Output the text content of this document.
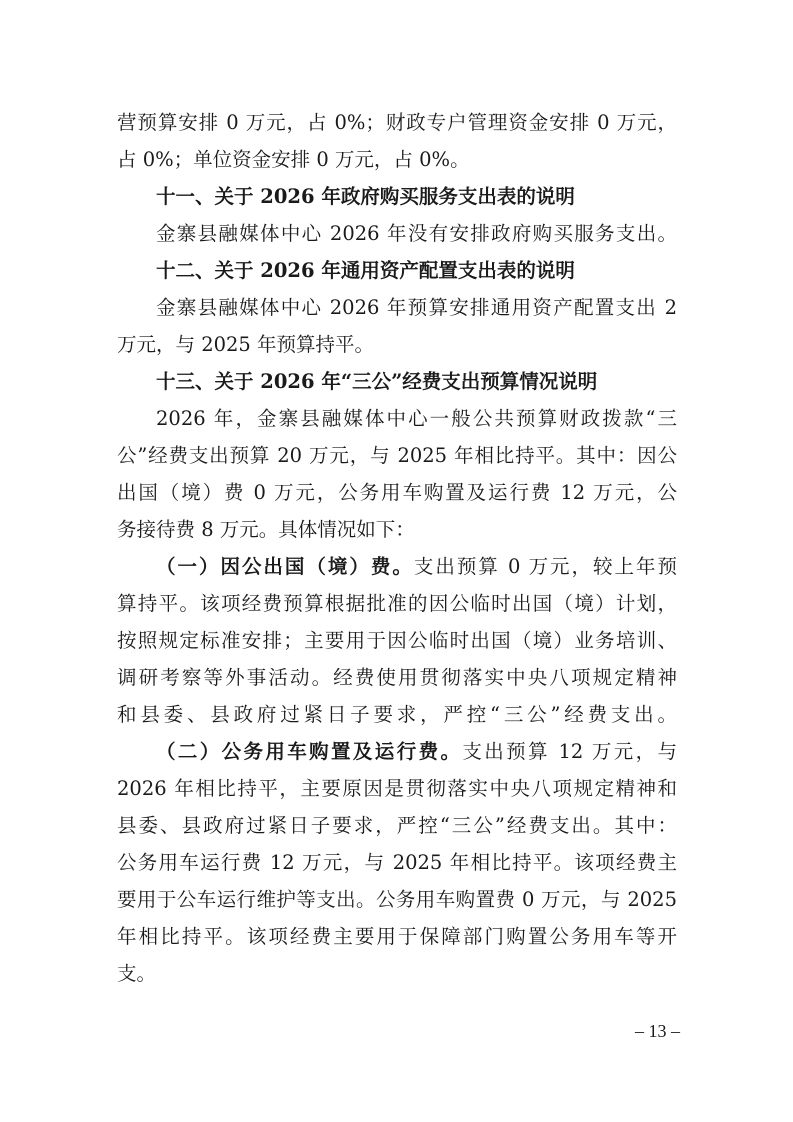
营预算安排 0 万元，占 0%；财政专户管理资金安排 0 万元，
占 0%；单位资金安排 0 万元，占 0%。
十一、关于 2026 年政府购买服务支出表的说明
金寨县融媒体中心 2026 年没有安排政府购买服务支出。
十二、关于 2026 年通用资产配置支出表的说明
金寨县融媒体中心 2026 年预算安排通用资产配置支出 2
万元，与 2025 年预算持平。
十三、关于 2026 年“三公”经费支出预算情况说明
2026 年，金寨县融媒体中心一般公共预算财政拨款“三
公”经费支出预算 20 万元，与 2025 年相比持平。其中：因公
出国（境）费 0 万元，公务用车购置及运行费 12 万元，公
务接待费 8 万元。具体情况如下：
（一）因公出国（境）费。支出预算 0 万元，较上年预
算持平。该项经费预算根据批准的因公临时出国（境）计划，
按照规定标准安排；主要用于因公临时出国（境）业务培训、
调研考察等外事活动。经费使用贯彻落实中央八项规定精神
和县委、县政府过紧日子要求，严控“三公”经费支出。
（二）公务用车购置及运行费。支出预算 12 万元，与
2026 年相比持平，主要原因是贯彻落实中央八项规定精神和
县委、县政府过紧日子要求，严控“三公”经费支出。其中：
公务用车运行费 12 万元，与 2025 年相比持平。该项经费主
要用于公车运行维护等支出。公务用车购置费 0 万元，与 2025
年相比持平。该项经费主要用于保障部门购置公务用车等开
支。
– 13 –
